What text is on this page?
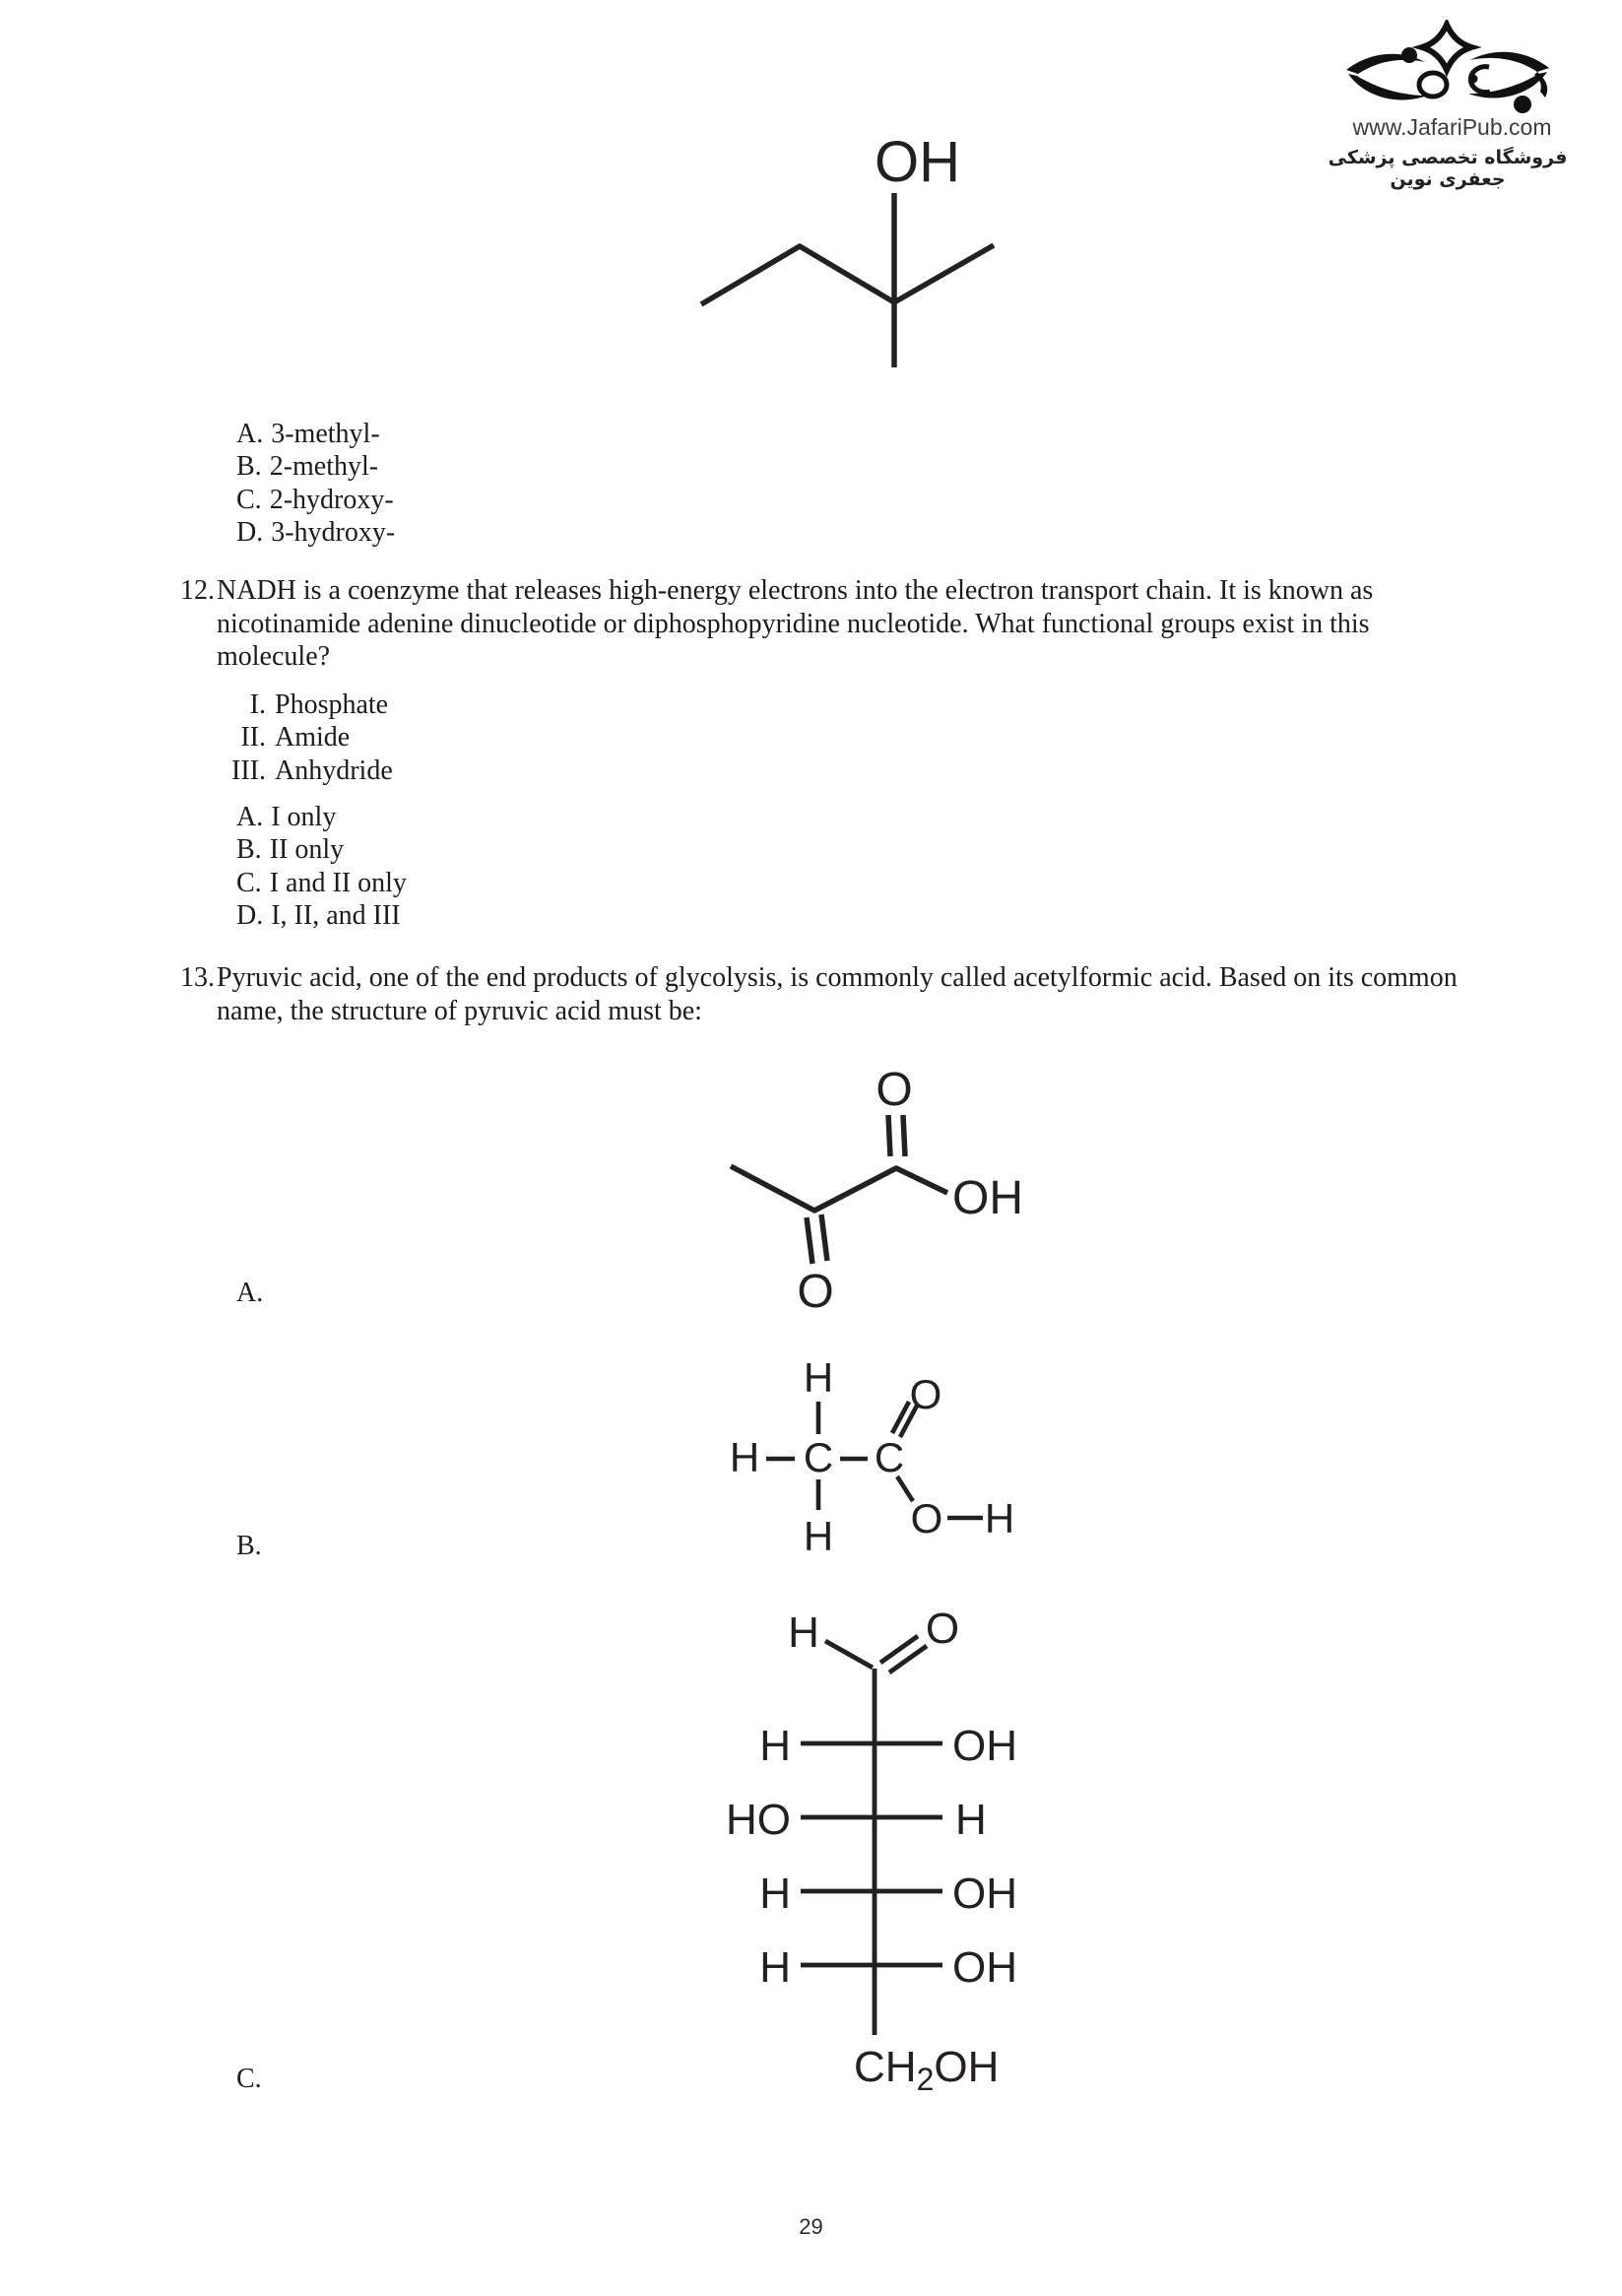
www.JafariPub.com
فروشگاه تخصصی پزشکی جعفری نوین
OH
A. 3-methyl-
B. 2-methyl-
C. 2-hydroxy-
D. 3-hydroxy-
12. NADH is a coenzyme that releases high-energy electrons into the electron transport chain. It is known as nicotinamide adenine dinucleotide or diphosphopyridine nucleotide. What functional groups exist in this molecule?
I. Phosphate
II. Amide
III. Anhydride
A. I only
B. II only
C. I and II only
D. I, II, and III
13. Pyruvic acid, one of the end products of glycolysis, is commonly called acetylformic acid. Based on its common name, the structure of pyruvic acid must be:
O
OH
O
A.
H
H C C
O
H O H
B.
H O
H	OH
HO	H
H	OH
H	OH
$CH_2OH$
C.
29
